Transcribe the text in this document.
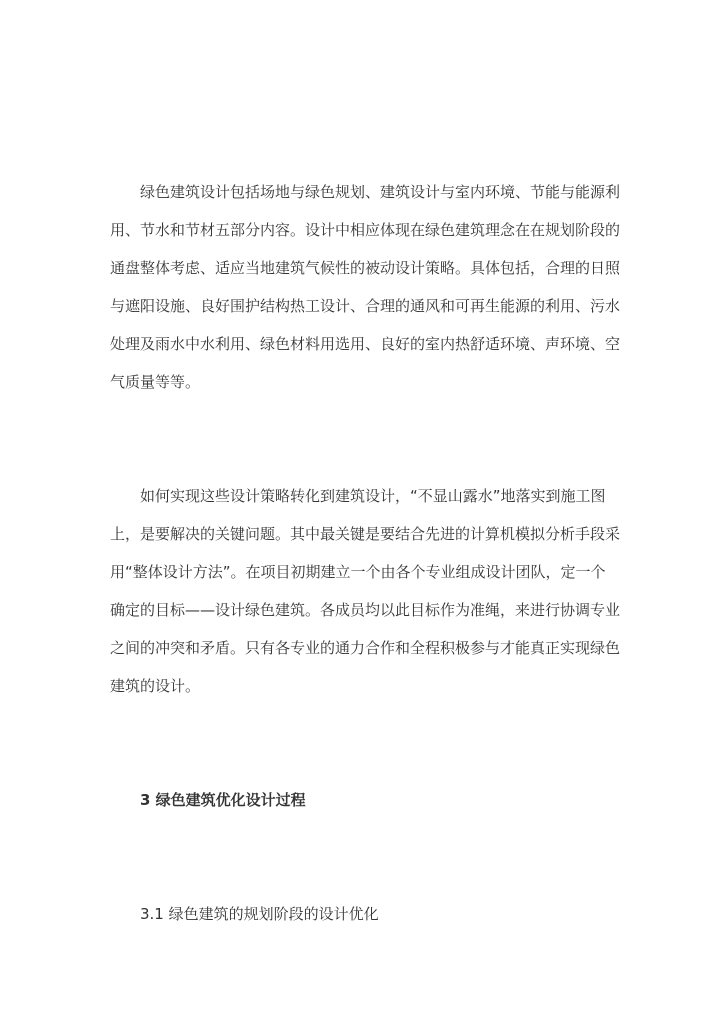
绿色建筑设计包括场地与绿色规划、建筑设计与室内环境、节能与能源利
用、节水和节材五部分内容。设计中相应体现在绿色建筑理念在在规划阶段的
通盘整体考虑、适应当地建筑气候性的被动设计策略。具体包括，合理的日照
与遮阳设施、良好围护结构热工设计、合理的通风和可再生能源的利用、污水
处理及雨水中水利用、绿色材料用选用、良好的室内热舒适环境、声环境、空
气质量等等。
如何实现这些设计策略转化到建筑设计，“不显山露水”地落实到施工图
上，是要解决的关键问题。其中最关键是要结合先进的计算机模拟分析手段采
用“整体设计方法”。在项目初期建立一个由各个专业组成设计团队，定一个
确定的目标——设计绿色建筑。各成员均以此目标作为准绳，来进行协调专业
之间的冲突和矛盾。只有各专业的通力合作和全程积极参与才能真正实现绿色
建筑的设计。
3 绿色建筑优化设计过程
3.1 绿色建筑的规划阶段的设计优化
